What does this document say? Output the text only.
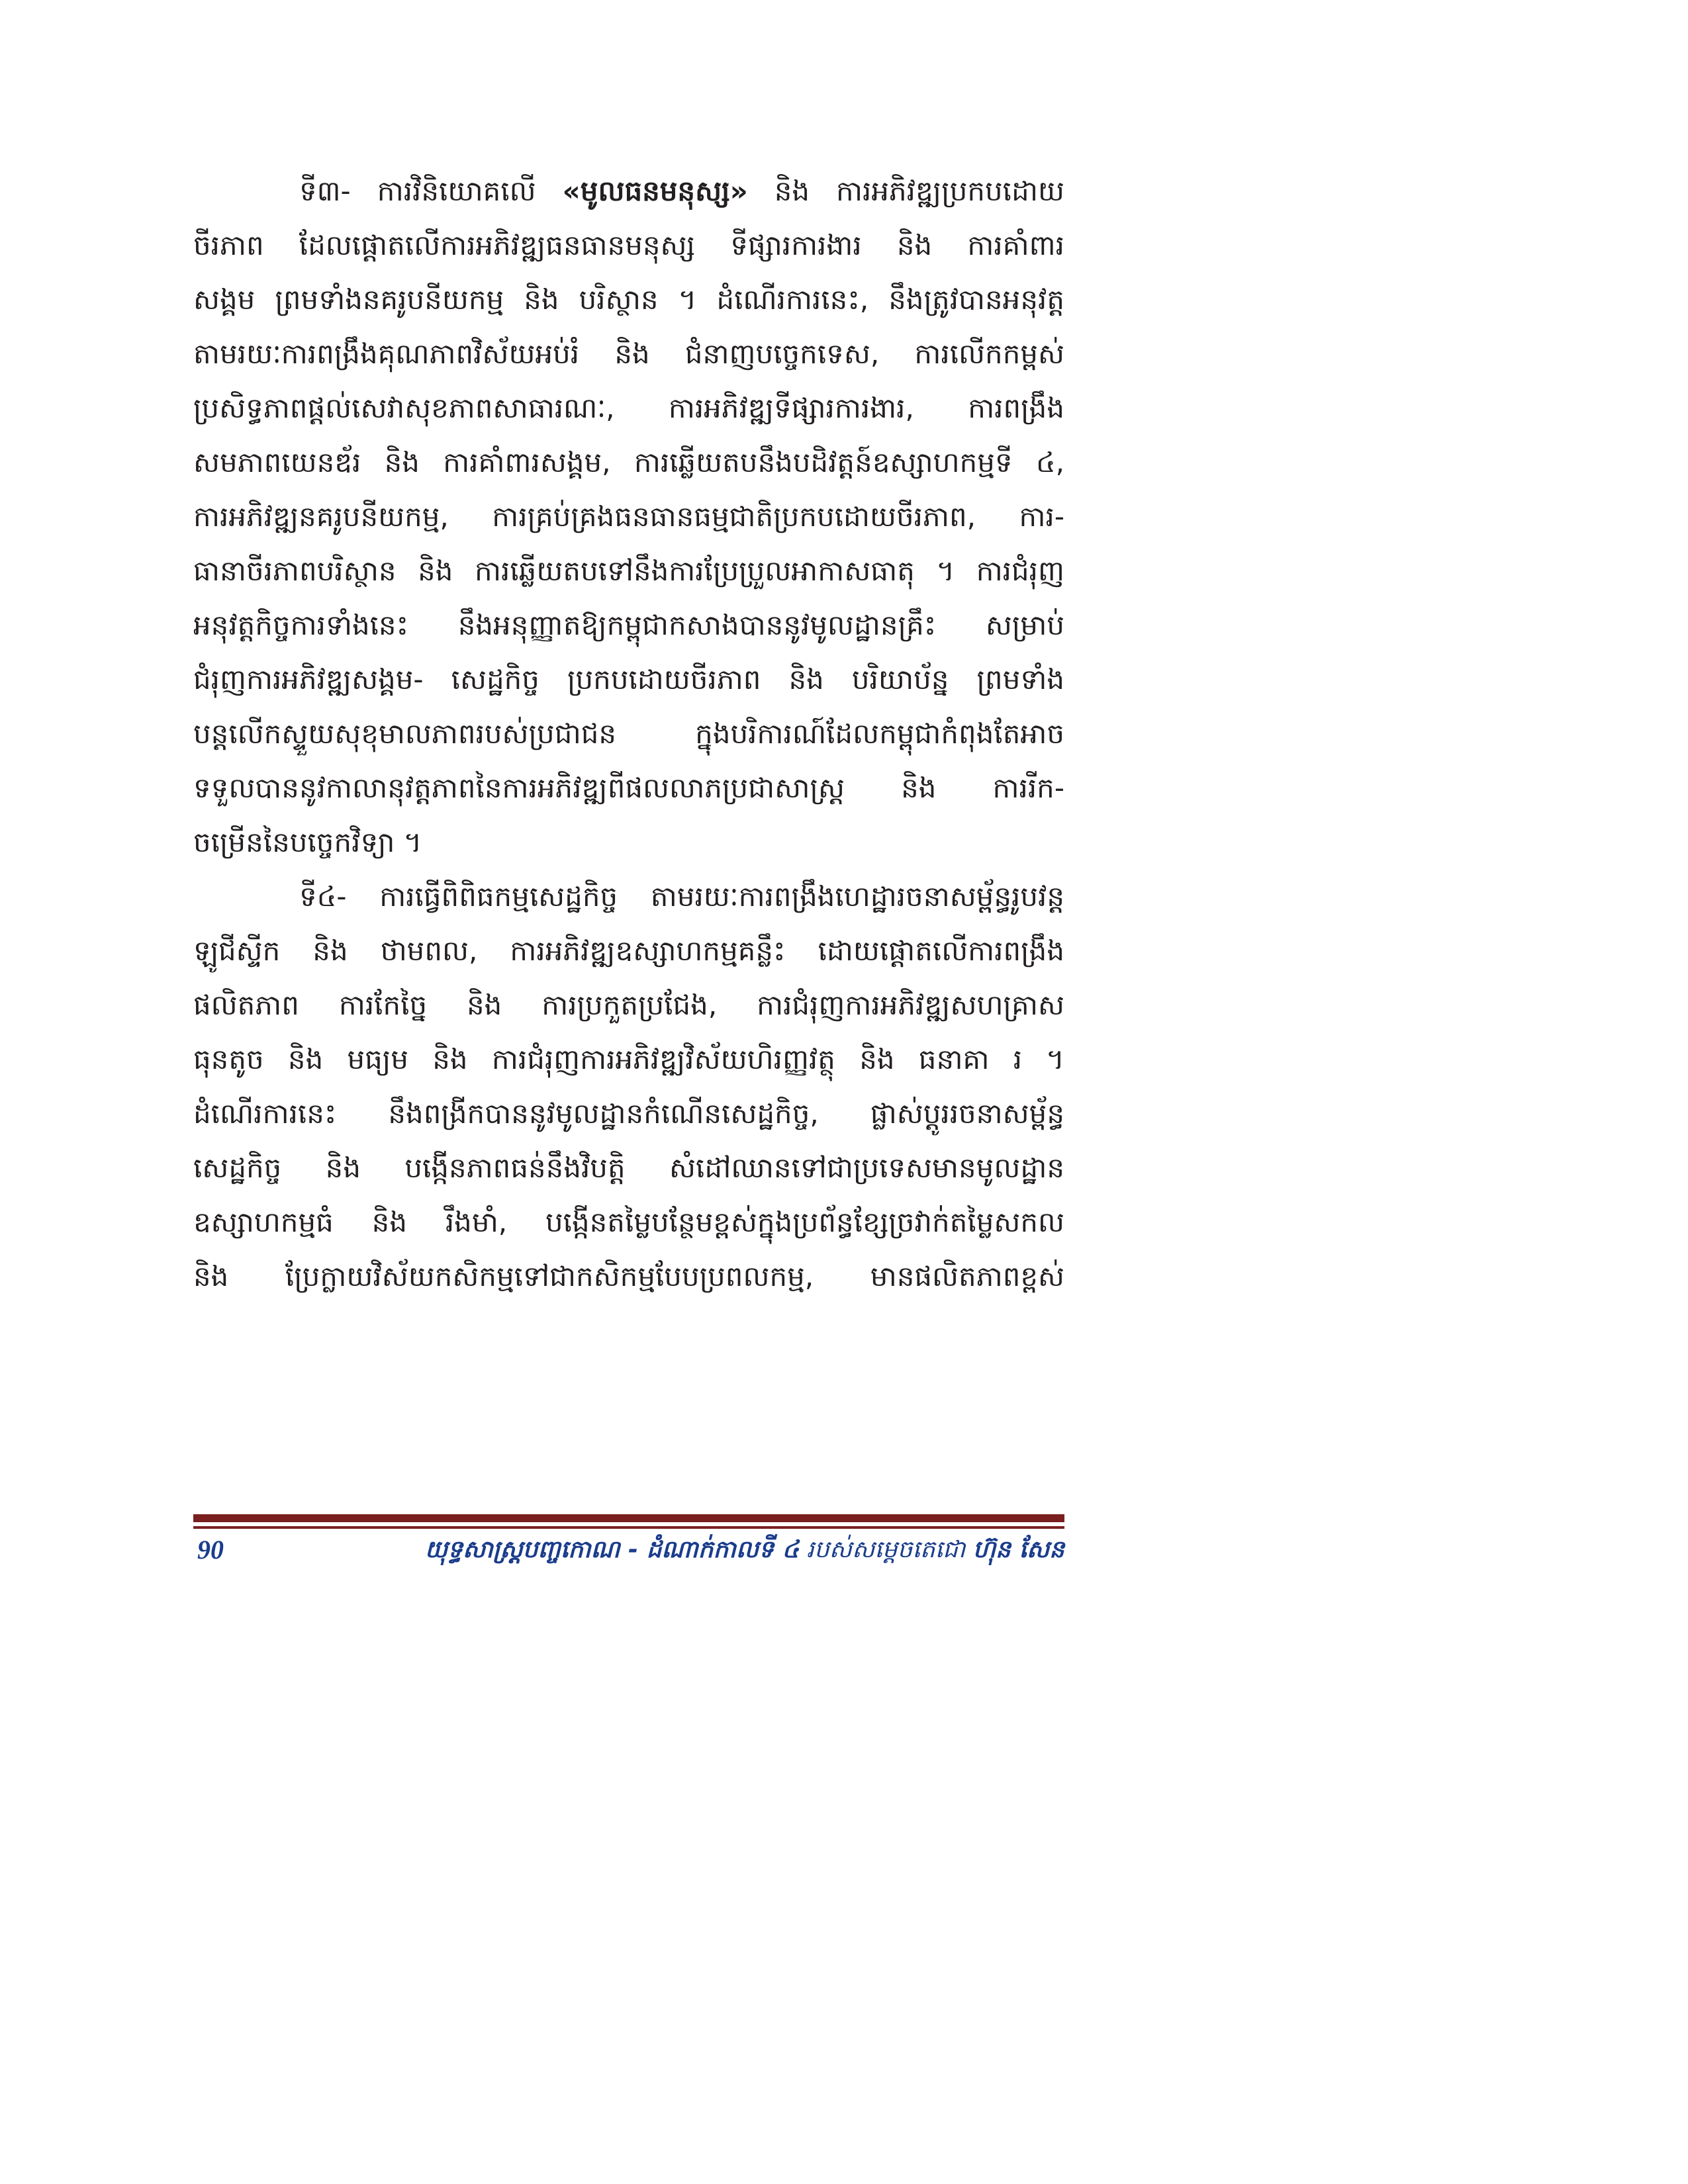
ទី៣- ការវិនិយោគលើ «មូលធនមនុស្ស» និង ការអភិវឌ្ឍប្រកបដោយ
ចីរភាព ដែលផ្តោតលើការអភិវឌ្ឍធនធានមនុស្ស ទីផ្សារការងារ និង ការគាំពារ
សង្គម ព្រមទាំងនគរូបនីយកម្ម និង បរិស្ថាន ។ ដំណើរការនេះ, នឹងត្រូវបានអនុវត្ត
តាមរយៈការពង្រឹងគុណភាពវិស័យអប់រំ និង ជំនាញបច្ចេកទេស, ការលើកកម្ពស់
ប្រសិទ្ធភាពផ្តល់សេវាសុខភាពសាធារណៈ, ការអភិវឌ្ឍទីផ្សារការងារ, ការពង្រឹង
សមភាពយេនឌ័រ និង ការគាំពារសង្គម, ការឆ្លើយតបនឹងបដិវត្តន៍ឧស្សាហកម្មទី ៤,
ការអភិវឌ្ឍនគរូបនីយកម្ម, ការគ្រប់គ្រងធនធានធម្មជាតិប្រកបដោយចីរភាព, ការ-
ធានាចីរភាពបរិស្ថាន និង ការឆ្លើយតបទៅនឹងការប្រែប្រួលអាកាសធាតុ ។ ការជំរុញ
អនុវត្តកិច្ចការទាំងនេះ នឹងអនុញ្ញាតឱ្យកម្ពុជាកសាងបាននូវមូលដ្ឋានគ្រឹះ សម្រាប់
ជំរុញការអភិវឌ្ឍសង្គម- សេដ្ឋកិច្ច ប្រកបដោយចីរភាព និង បរិយាប័ន្ន ព្រមទាំង
បន្តលើកស្ទួយសុខុមាលភាពរបស់ប្រជាជន ក្នុងបរិការណ៍ដែលកម្ពុជាកំពុងតែអាច
ទទួលបាននូវកាលានុវត្តភាពនៃការអភិវឌ្ឍពីផលលាភប្រជាសាស្ត្រ និង ការរីក-
ចម្រើននៃបច្ចេកវិទ្យា ។
ទី៤- ការធ្វើពិពិធកម្មសេដ្ឋកិច្ច តាមរយៈការពង្រឹងហេដ្ឋារចនាសម្ព័ន្ធរូបវន្ត
ឡូជីស្ទីក និង ថាមពល, ការអភិវឌ្ឍឧស្សាហកម្មគន្លឹះ ដោយផ្តោតលើការពង្រឹង
ផលិតភាព ការកែច្នៃ និង ការប្រកួតប្រជែង, ការជំរុញការអភិវឌ្ឍសហគ្រាស
ធុនតូច និង មធ្យម និង ការជំរុញការអភិវឌ្ឍវិស័យហិរញ្ញវត្ថុ និង ធនាគា រ ។
ដំណើរការនេះ នឹងពង្រីកបាននូវមូលដ្ឋានកំណើនសេដ្ឋកិច្ច, ផ្លាស់ប្តូររចនាសម្ព័ន្ធ
សេដ្ឋកិច្ច និង បង្កើនភាពធន់នឹងវិបត្តិ សំដៅឈានទៅជាប្រទេសមានមូលដ្ឋាន
ឧស្សាហកម្មធំ និង រឹងមាំ, បង្កើនតម្លៃបន្ថែមខ្ពស់ក្នុងប្រព័ន្ធខ្សែច្រវាក់តម្លៃសកល
និង ប្រែក្លាយវិស័យកសិកម្មទៅជាកសិកម្មបែបប្រពលកម្ម, មានផលិតភាពខ្ពស់
90	យុទ្ធសាស្ត្របញ្ចកោណ - ដំណាក់កាលទី ៤ របស់សម្តេចតេជោ ហ៊ុន សែន
